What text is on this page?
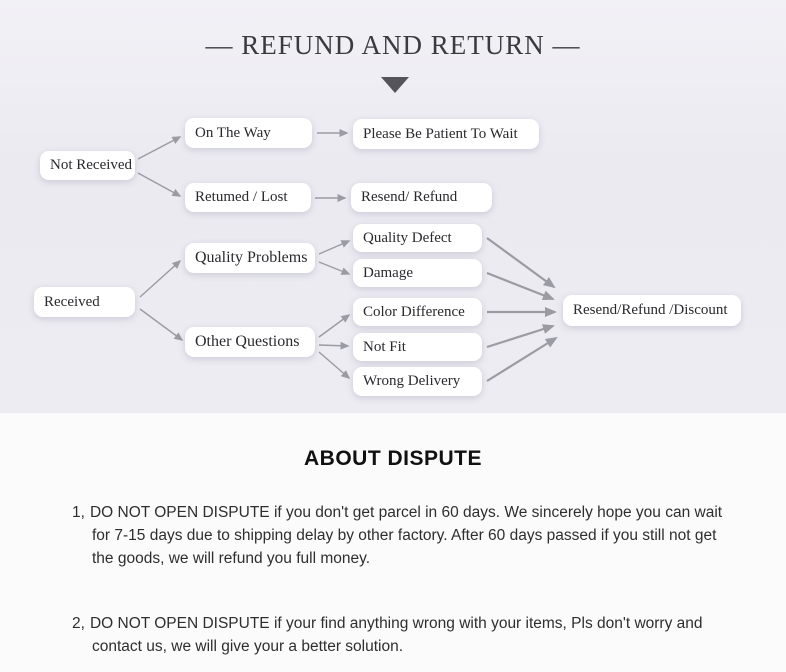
— REFUND AND RETURN —
Not Received
On The Way	Please Be Patient To Wait
Retumed / Lost	Resend/ Refund
Quality Problems
Quality Defect
Damage
Received
Color Difference
Other Questions	Not Fit
Wrong Delivery
Resend/Refund /Discount
ABOUT DISPUTE

1, DO NOT OPEN DISPUTE if you don't get parcel in 60 days. We sincerely hope you can wait for 7-15 days due to shipping delay by other factory. After 60 days passed if you still not get the goods, we will refund you full money.

2, DO NOT OPEN DISPUTE if your find anything wrong with your items, Pls don't worry and contact us, we will give your a better solution.
